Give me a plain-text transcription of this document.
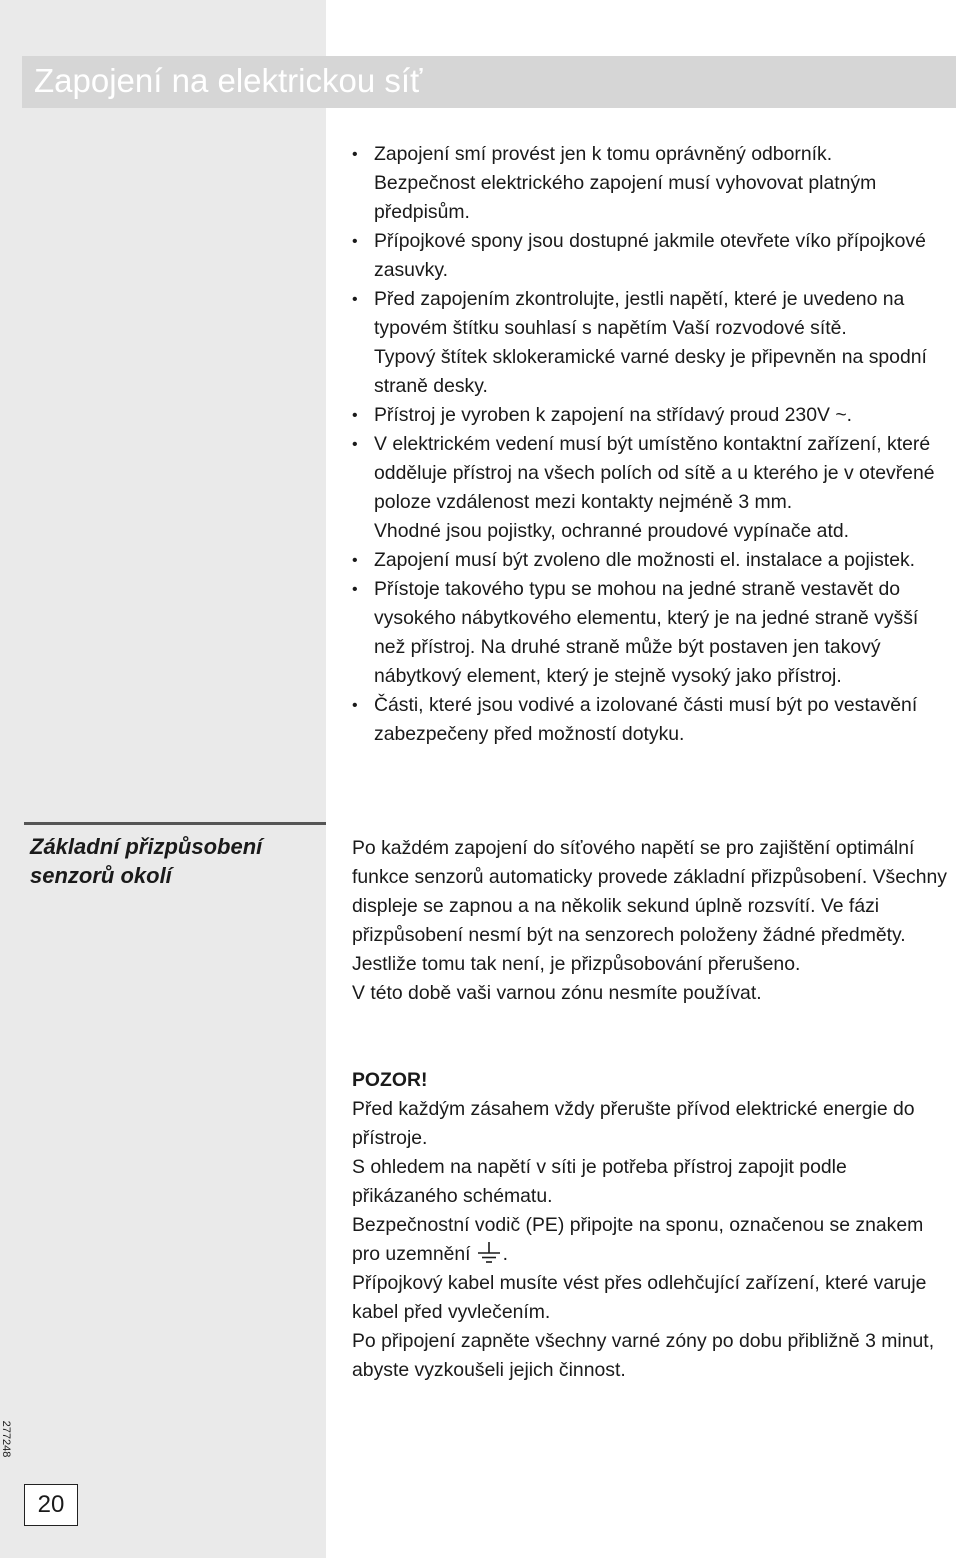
Zapojení na elektrickou síť
• Zapojení smí provést jen k tomu oprávněný odborník.
Bezpečnost elektrického zapojení musí vyhovovat platným předpisům.
• Přípojkové spony jsou dostupné jakmile otevřete víko přípojkové zasuvky.
• Před zapojením zkontrolujte, jestli napětí, které je uvedeno na typovém štítku souhlasí s napětím Vaší rozvodové sítě.
Typový štítek sklokeramické varné desky je připevněn na spodní straně desky.
• Přístroj je vyroben k zapojení na střídavý proud 230V ~.
• V elektrickém vedení musí být umístěno kontaktní zařízení, které odděluje přístroj na všech polích od sítě a u kterého je v otevřené poloze vzdálenost mezi kontakty nejméně 3 mm.
Vhodné jsou pojistky, ochranné proudové vypínače atd.
• Zapojení musí být zvoleno dle možnosti el. instalace a pojistek.
• Přístoje takového typu se mohou na jedné straně vestavět do vysokého nábytkového elementu, který je na jedné straně vyšší než přístroj. Na druhé straně může být postaven jen takový nábytkový element, který je stejně vysoký jako přístroj.
• Části, které jsou vodivé a izolované části musí být po vestavění zabezpečeny před možností dotyku.
Základní přizpůsobení
senzorů okolí

Po každém zapojení do síťového napětí se pro zajištění optimální funkce senzorů automaticky provede základní přizpůsobení. Všechny displeje se zapnou a na několik sekund úplně rozsvítí. Ve fázi přizpůsobení nesmí být na senzorech položeny žádné předměty. Jestliže tomu tak není, je přizpůsobování přerušeno.

V této době vaši varnou zónu nesmíte používat.

POZOR!

Před každým zásahem vždy přerušte přívod elektrické energie do přístroje.

S ohledem na napětí v síti je potřeba přístroj zapojit podle přikázaného schématu.

Bezpečnostní vodič (PE) připojte na sponu, označenou se znakem pro uzemnění .

Přípojkový kabel musíte vést přes odlehčující zařízení, které varuje kabel před vyvlečením.

Po připojení zapněte všechny varné zóny po dobu přibližně 3 minut, abyste vyzkoušeli jejich činnost.

277248
20
